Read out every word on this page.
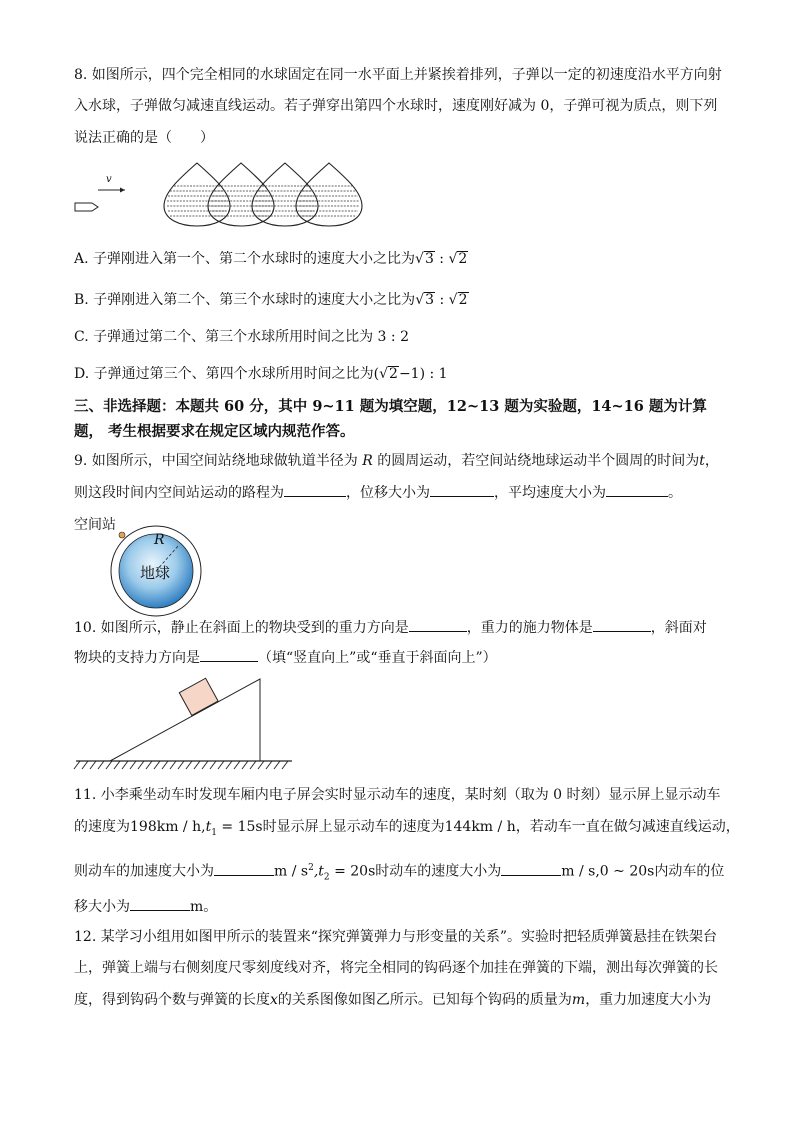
8. 如图所示，四个完全相同的水球固定在同一水平面上并紧挨着排列，子弹以一定的初速度沿水平方向射
入水球，子弹做匀减速直线运动。若子弹穿出第四个水球时，速度刚好减为 0，子弹可视为质点，则下列
说法正确的是（　　）
v
A. 子弹刚进入第一个、第二个水球时的速度大小之比为√3 : √2
B. 子弹刚进入第二个、第三个水球时的速度大小之比为√3 : √2
C. 子弹通过第二个、第三个水球所用时间之比为 3 : 2
D. 子弹通过第三个、第四个水球所用时间之比为(√2−1) : 1
三、非选择题：本题共 60 分，其中 9~11 题为填空题，12~13 题为实验题，14~16 题为计算
题， 考生根据要求在规定区域内规范作答。
9. 如图所示，中国空间站绕地球做轨道半径为 R 的圆周运动，若空间站绕地球运动半个圆周的时间为t，
则这段时间内空间站运动的路程为	，位移大小为	，平均速度大小为	。
空间站
R
地球
10. 如图所示，静止在斜面上的物块受到的重力方向是	，重力的施力物体是	，斜面对
物块的支持力方向是	（填“竖直向上”或“垂直于斜面向上”）
11. 小李乘坐动车时发现车厢内电子屏会实时显示动车的速度，某时刻（取为 0 时刻）显示屏上显示动车
的速度为$198km / h,t_1 = 15s$时显示屏上显示动车的速度为144km / h，若动车一直在做匀减速直线运动，
则动车的加速度大小为	$m / s^2,t_2 = 20s$时动车的速度大小为	m / s,0 ~ 20s内动车的位
移大小为	m。
12. 某学习小组用如图甲所示的装置来“探究弹簧弹力与形变量的关系”。实验时把轻质弹簧悬挂在铁架台
上，弹簧上端与右侧刻度尺零刻度线对齐，将完全相同的钩码逐个加挂在弹簧的下端，测出每次弹簧的长
度，得到钩码个数与弹簧的长度x的关系图像如图乙所示。已知每个钩码的质量为m，重力加速度大小为
